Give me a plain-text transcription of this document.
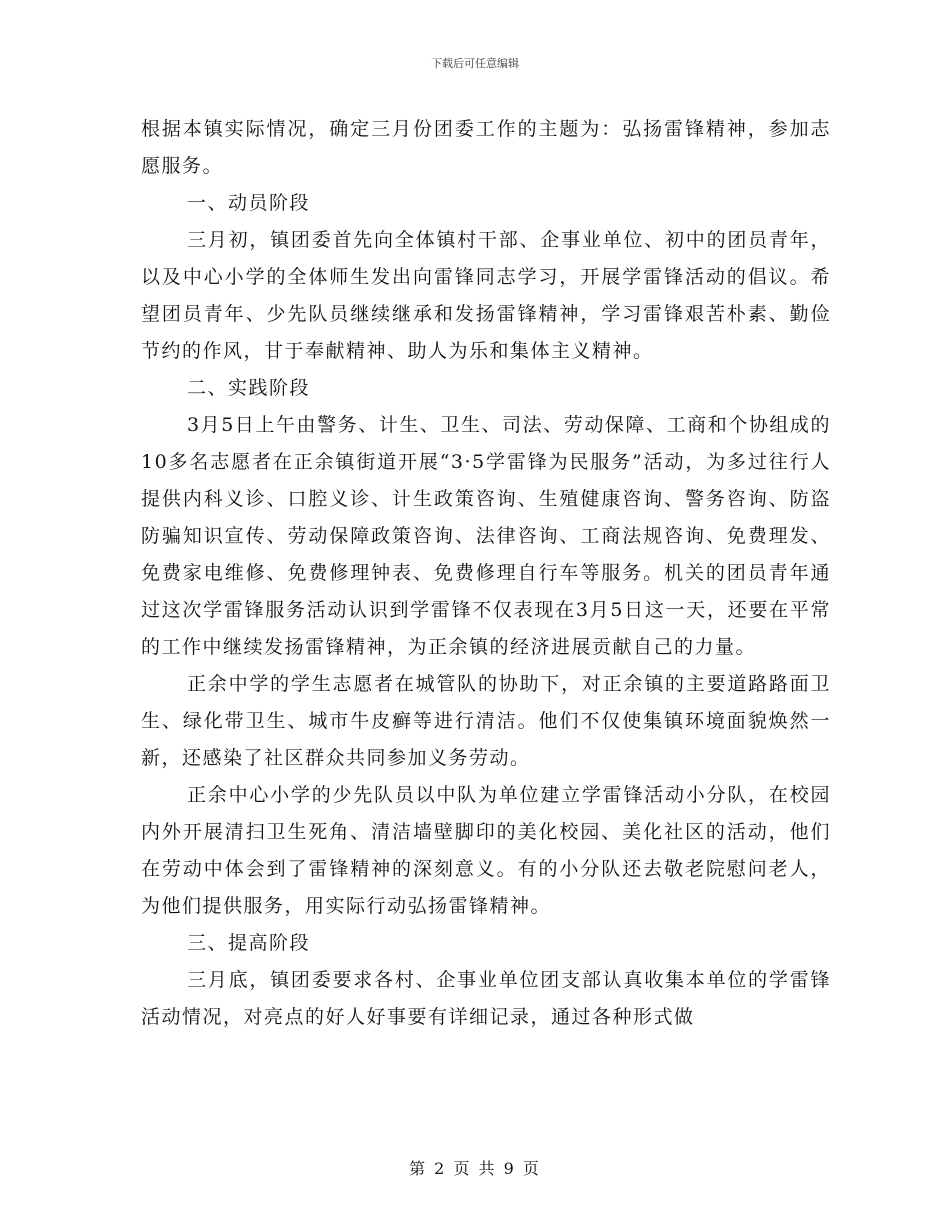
下载后可任意编辑

根据本镇实际情况，确定三月份团委工作的主题为：弘扬雷锋精神，参加志愿服务。

一、动员阶段

三月初，镇团委首先向全体镇村干部、企事业单位、初中的团员青年，以及中心小学的全体师生发出向雷锋同志学习，开展学雷锋活动的倡议。希望团员青年、少先队员继续继承和发扬雷锋精神，学习雷锋艰苦朴素、勤俭节约的作风，甘于奉献精神、助人为乐和集体主义精神。

二、实践阶段

3月5日上午由警务、计生、卫生、司法、劳动保障、工商和个协组成的10多名志愿者在正余镇街道开展“3·5学雷锋为民服务”活动，为多过往行人提供内科义诊、口腔义诊、计生政策咨询、生殖健康咨询、警务咨询、防盗防骗知识宣传、劳动保障政策咨询、法律咨询、工商法规咨询、免费理发、免费家电维修、免费修理钟表、免费修理自行车等服务。机关的团员青年通过这次学雷锋服务活动认识到学雷锋不仅表现在3月5日这一天，还要在平常的工作中继续发扬雷锋精神，为正余镇的经济进展贡献自己的力量。

正余中学的学生志愿者在城管队的协助下，对正余镇的主要道路路面卫生、绿化带卫生、城市牛皮癣等进行清洁。他们不仅使集镇环境面貌焕然一新，还感染了社区群众共同参加义务劳动。

正余中心小学的少先队员以中队为单位建立学雷锋活动小分队，在校园内外开展清扫卫生死角、清洁墙壁脚印的美化校园、美化社区的活动，他们在劳动中体会到了雷锋精神的深刻意义。有的小分队还去敬老院慰问老人，为他们提供服务，用实际行动弘扬雷锋精神。

三、提高阶段

三月底，镇团委要求各村、企事业单位团支部认真收集本单位的学雷锋活动情况，对亮点的好人好事要有详细记录，通过各种形式做

第 2 页 共 9 页
